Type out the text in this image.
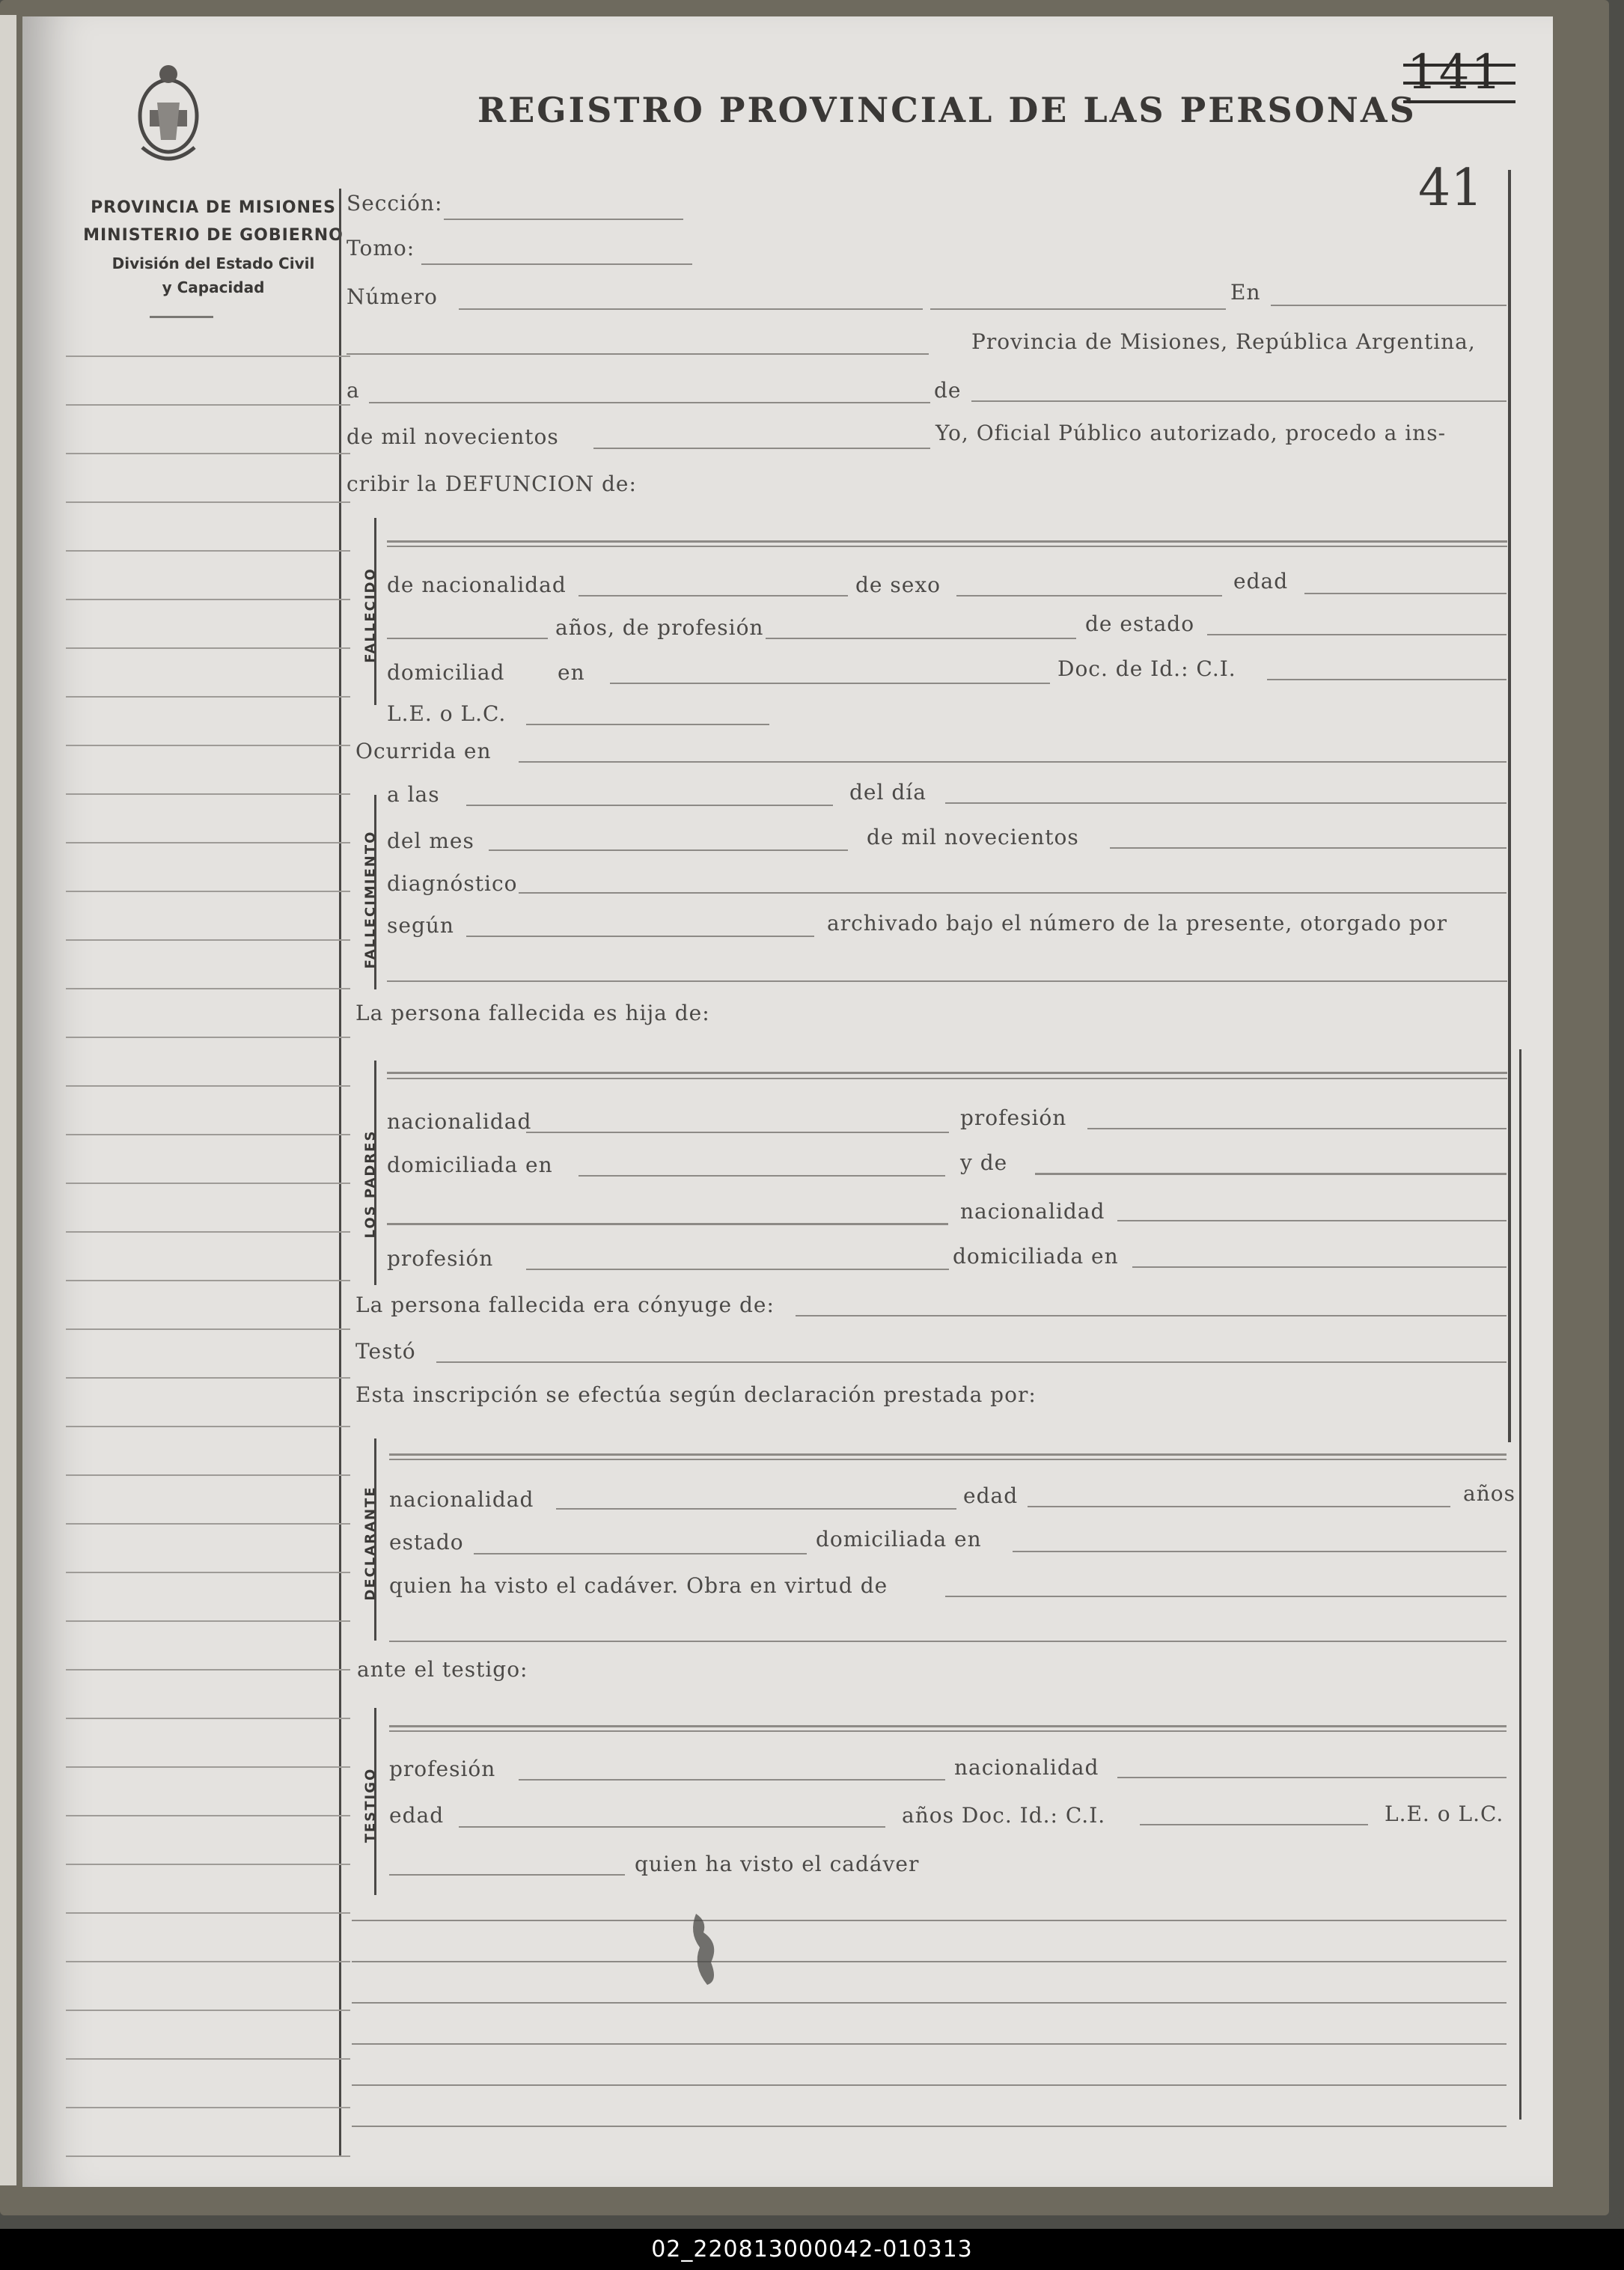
PROVINCIA DE MISIONES
MINISTERIO DE GOBIERNO
División del Estado Civil
y Capacidad
REGISTRO PROVINCIAL DE LAS PERSONAS
141
41
FALLECIDO
FALLECIMIENTO
LOS PADRES
DECLARANTE
TESTIGO
Sección:
Tomo:
Número	En
Provincia de Misiones, República Argentina,
a	de
de mil novecientos	Yo, Oficial Público autorizado, procedo a ins-
cribir la DEFUNCION de:
de nacionalidad	de sexo	edad
años, de profesión	de estado
domiciliad	en	Doc. de Id.: C.I.
L.E. o L.C.
Ocurrida en
a las	del día
del mes	de mil novecientos
diagnóstico
según	archivado bajo el número de la presente, otorgado por
La persona fallecida es hija de:
nacionalidad	profesión
domiciliada en	y de
nacionalidad
profesión	domiciliada en
La persona fallecida era cónyuge de:
Testó
Esta inscripción se efectúa según declaración prestada por:
nacionalidad	edad	años
estado	domiciliada en
quien ha visto el cadáver. Obra en virtud de
ante el testigo:
profesión	nacionalidad
edad	años Doc. Id.: C.I.	L.E. o L.C.
quien ha visto el cadáver
02_220813000042-010313
